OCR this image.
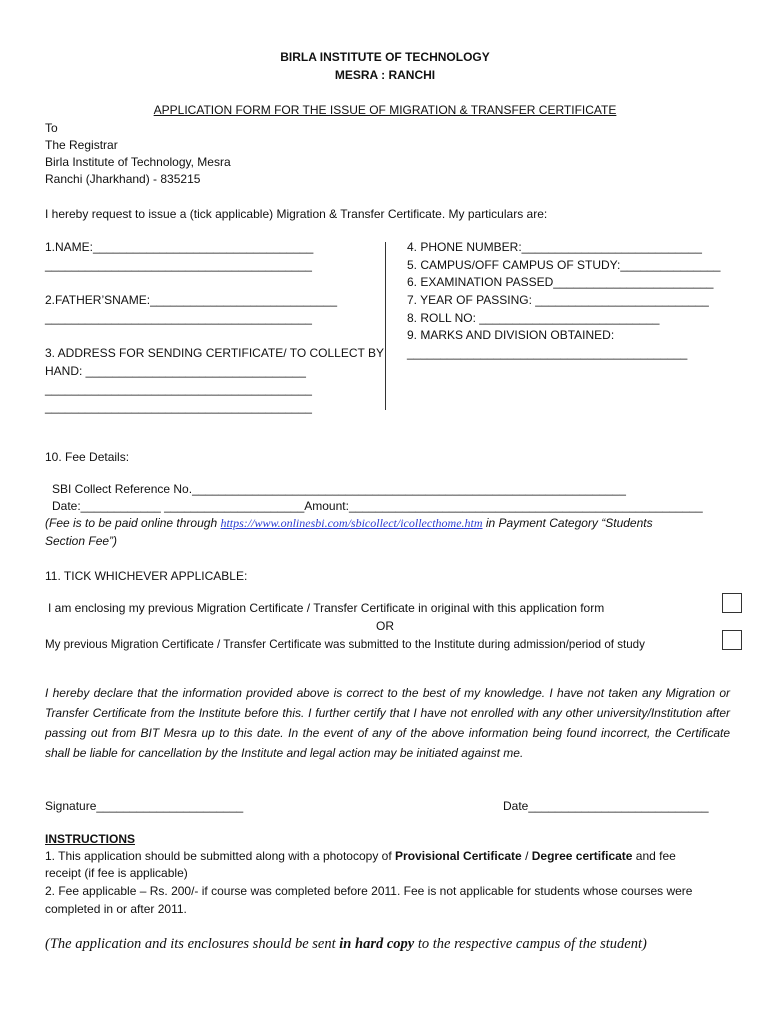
BIRLA INSTITUTE OF TECHNOLOGY
MESRA : RANCHI
APPLICATION FORM FOR THE ISSUE OF MIGRATION & TRANSFER CERTIFICATE
To
The Registrar
Birla Institute of Technology, Mesra
Ranchi (Jharkhand) - 835215
I hereby request to issue a (tick applicable) Migration & Transfer Certificate. My particulars are:
1.NAME:_________________________________
________________________________________
2.FATHER’SNAME:____________________________
________________________________________
3. ADDRESS FOR SENDING CERTIFICATE/ TO COLLECT BY
HAND: _________________________________
________________________________________
________________________________________
4. PHONE NUMBER:___________________________
5. CAMPUS/OFF CAMPUS OF STUDY:_______________
6. EXAMINATION PASSED________________________
7. YEAR OF PASSING: __________________________
8. ROLL NO: ___________________________
9. MARKS AND DIVISION OBTAINED:
__________________________________________
10. Fee Details:
SBI Collect Reference No._________________________________________________________________
Date:____________ _____________________Amount:_____________________________________________________
(Fee is to be paid online through https://www.onlinesbi.com/sbicollect/icollecthome.htm in Payment Category “Students
Section Fee”)
11. TICK WHICHEVER APPLICABLE:
I am enclosing my previous Migration Certificate / Transfer Certificate in original with this application form
OR
My previous Migration Certificate / Transfer Certificate was submitted to the Institute during admission/period of study
I hereby declare that the information provided above is correct to the best of my knowledge. I have not taken any Migration or Transfer Certificate from the Institute before this. I further certify that I have not enrolled with any other university/Institution after passing out from BIT Mesra up to this date. In the event of any of the above information being found incorrect, the Certificate shall be liable for cancellation by the Institute and legal action may be initiated against me.
Signature______________________	Date___________________________
INSTRUCTIONS
1. This application should be submitted along with a photocopy of Provisional Certificate / Degree certificate and fee
receipt (if fee is applicable)
2. Fee applicable – Rs. 200/- if course was completed before 2011. Fee is not applicable for students whose courses were
completed in or after 2011.
(The application and its enclosures should be sent in hard copy to the respective campus of the student)
